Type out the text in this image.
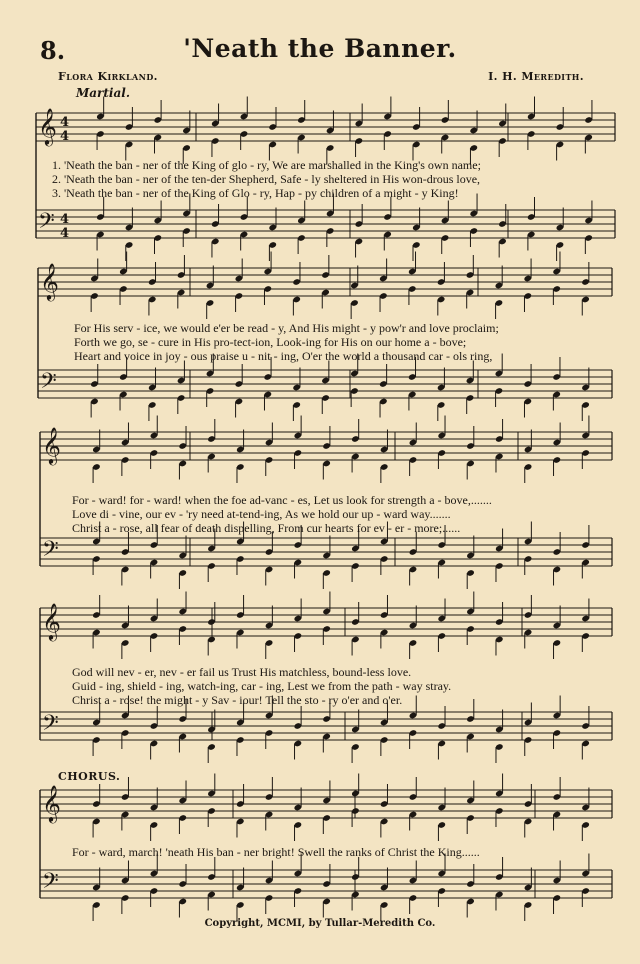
8.	'Neath the Banner.
Flora Kirkland.	I. H. Meredith.
Martial.
CHORUS.
𝄞 4
4
𝄢 4
4
𝄞
𝄢
𝄞
𝄢
𝄞
𝄢
𝄞
𝄢
1. 'Neath the ban - ner of the King of glo - ry, We are marshalled in the King's own name;
2. 'Neath the ban - ner of the ten-der Shepherd, Safe - ly sheltered in His won-drous love,
3. 'Neath the ban - ner of the King of Glo - ry, Hap - py children of a might - y King!
For His serv - ice, we would e'er be read - y, And His might - y pow'r and love proclaim;
Forth we go, se - cure in His pro-tect-ion, Look-ing for His on our home a - bove;
Heart and voice in joy - ous praise u - nit - ing, O'er the world a thousand car - ols ring,
For - ward! for - ward! when the foe ad-vanc - es, Let us look for strength a - bove,.......
Love di - vine, our ev - 'ry need at-tend-ing, As we hold our up - ward way.......
Christ a - rose, all fear of death dispelling, From cur hearts for ev - er - more;......
God will nev - er, nev - er fail us Trust His matchless, bound-less love.
Guid - ing, shield - ing, watch-ing, car - ing, Lest we from the path - way stray.
Christ a - rose! the might - y Sav - iour! Tell the sto - ry o'er and o'er.
For - ward, march! 'neath His ban - ner bright! Swell the ranks of Christ the King......
Copyright, MCMI, by Tullar-Meredith Co.
